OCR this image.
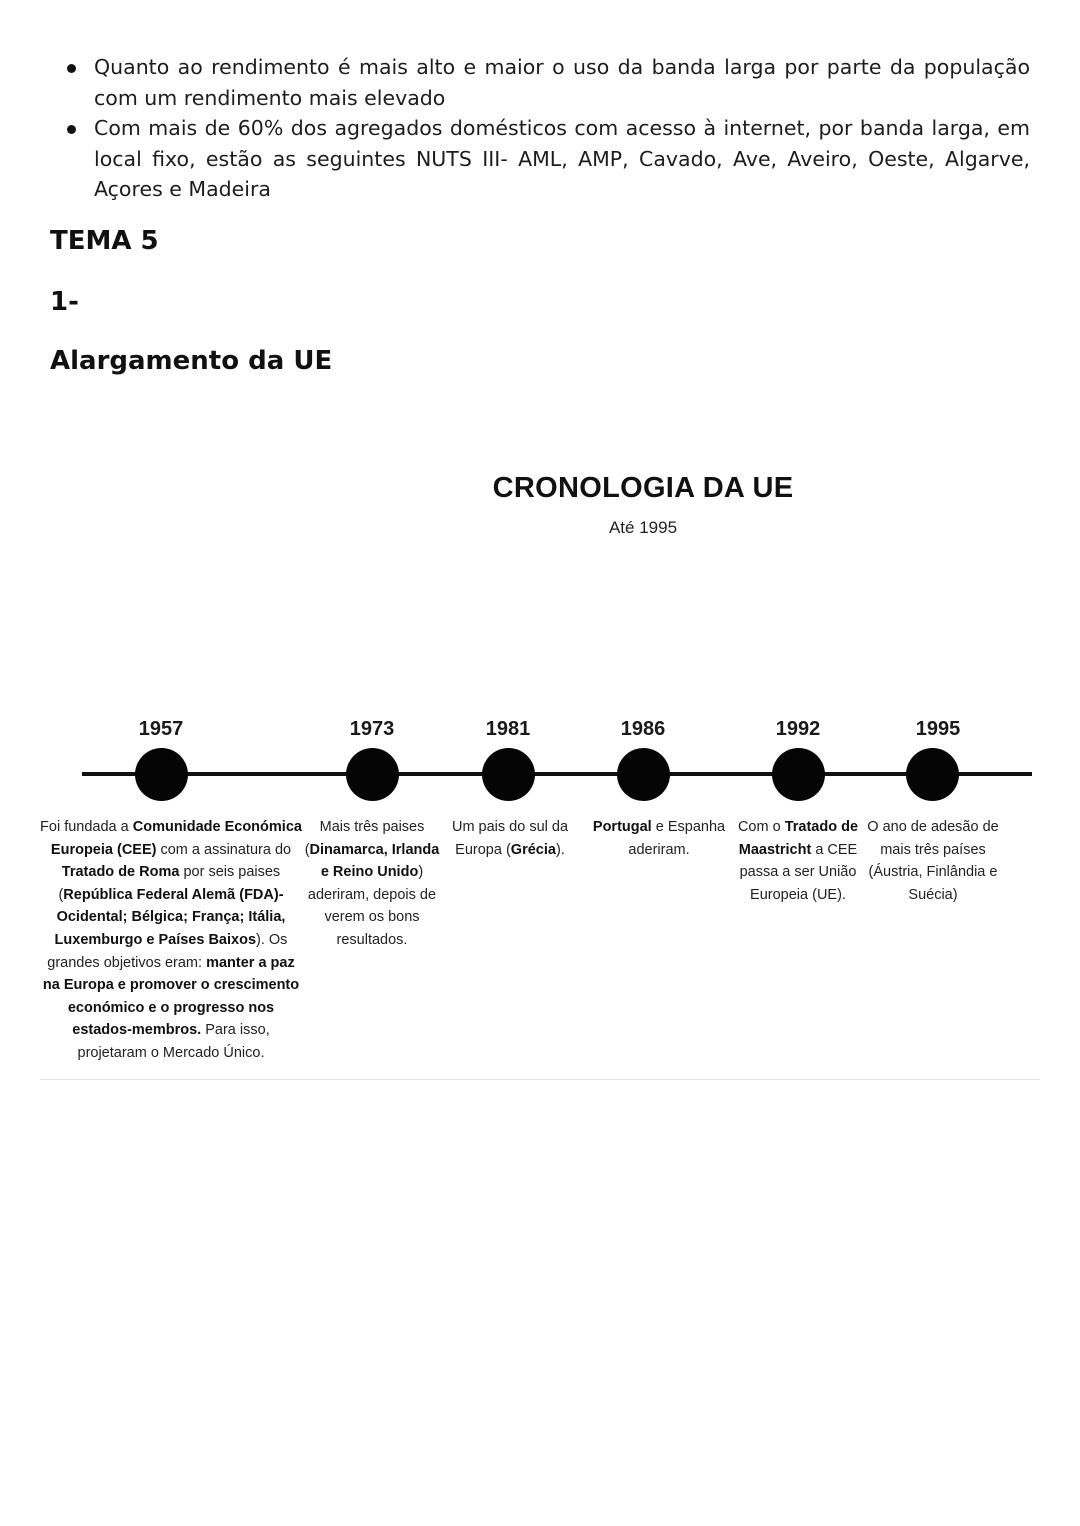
Quanto ao rendimento é mais alto e maior o uso da banda larga por parte da população com um rendimento mais elevado
Com mais de 60% dos agregados domésticos com acesso à internet, por banda larga, em local fixo, estão as seguintes NUTS III- AML, AMP, Cavado, Ave, Aveiro, Oeste, Algarve, Açores e Madeira
TEMA 5
1-
Alargamento da UE
CRONOLOGIA DA UE
Até 1995
1957	1973	1981	1986	1992	1995
Foi fundada a Comunidade Económica Europeia (CEE) com a assinatura do Tratado de Roma por seis paises (República Federal Alemã (FDA)- Ocidental; Bélgica; França; Itália, Luxemburgo e Países Baixos). Os grandes objetivos eram: manter a paz na Europa e promover o crescimento económico e o progresso nos estados-membros. Para isso, projetaram o Mercado Único.
Mais três paises (Dinamarca, Irlanda e Reino Unido) aderiram, depois de verem os bons resultados.
Um pais do sul da Europa (Grécia).
Portugal e Espanha aderiram.
Com o Tratado de Maastricht a CEE passa a ser União Europeia (UE).
O ano de adesão de mais três países (Áustria, Finlândia e Suécia)
